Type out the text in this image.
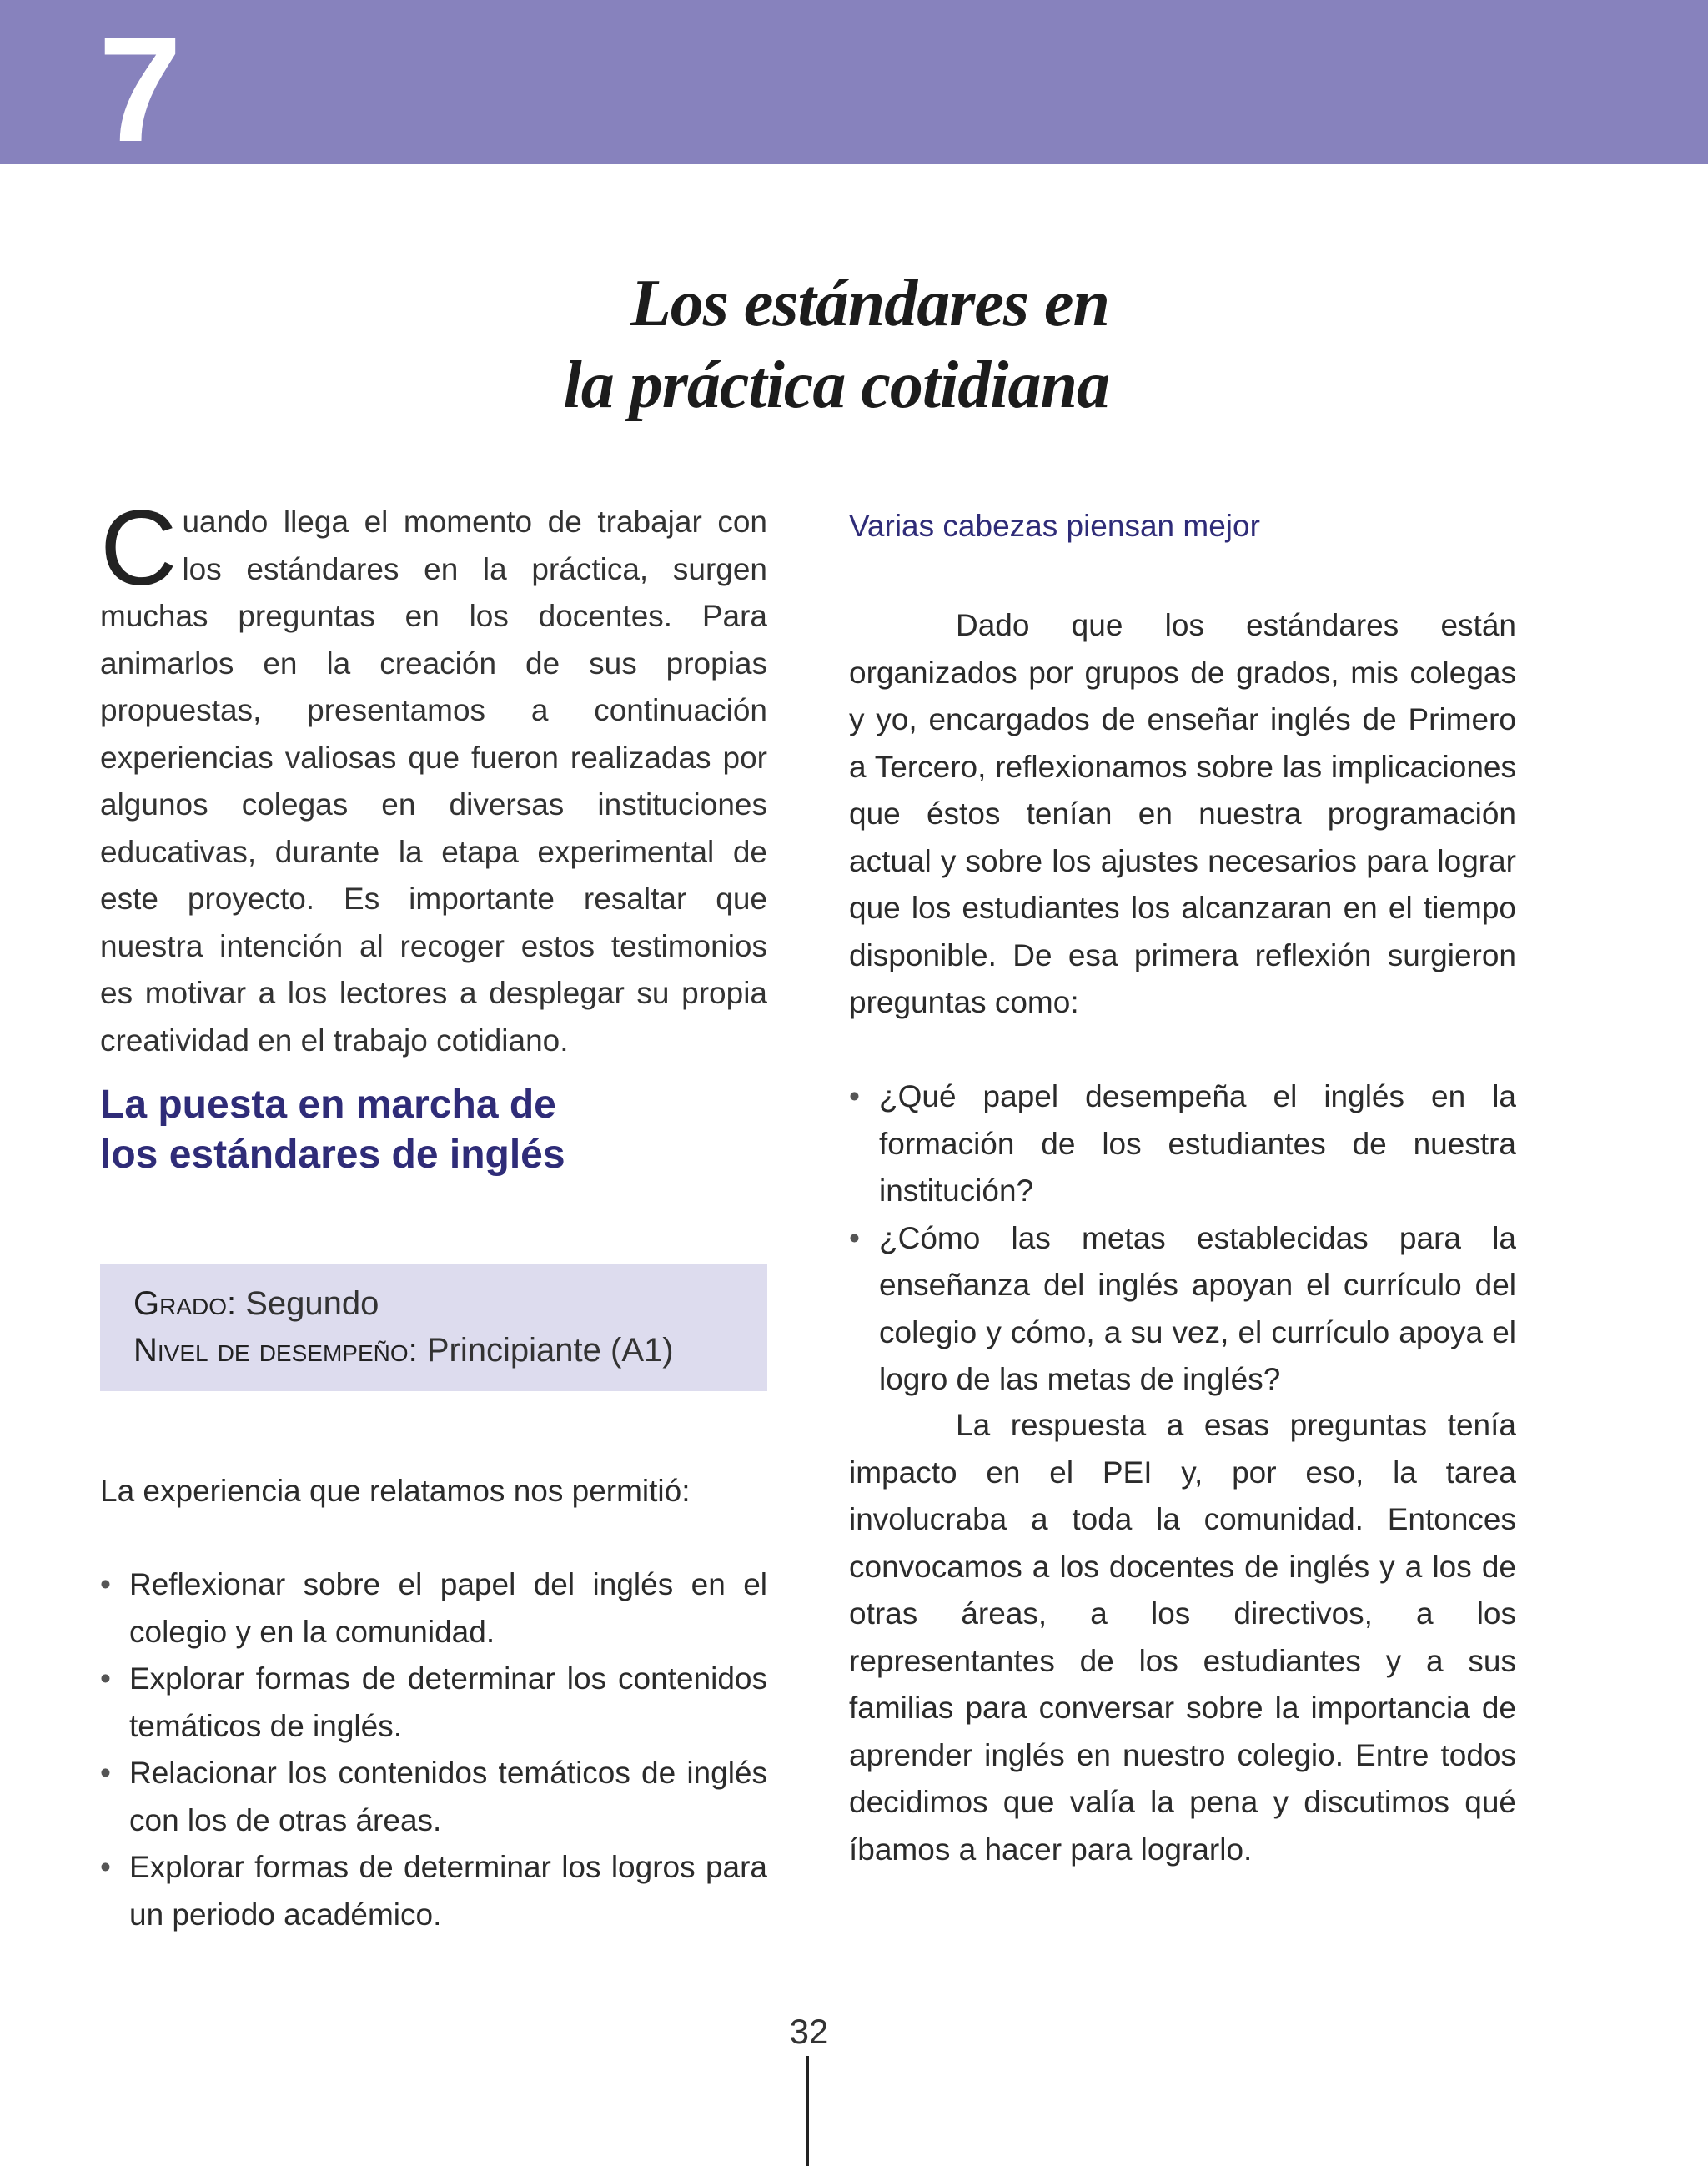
7
Los estándares en
la práctica cotidiana

C uando llega el momento de trabajar con los estándares en la práctica, surgen muchas preguntas en los docentes. Para animarlos en la creación de sus propias propuestas, presentamos a continuación experiencias valiosas que fueron realizadas por algunos colegas en diversas instituciones educativas, durante la etapa experimental de este proyecto. Es importante resaltar que nuestra intención al recoger estos testimonios es motivar a los lectores a desplegar su propia creatividad en el trabajo cotidiano.

La puesta en marcha de
los estándares de inglés
Grado: Segundo
Nivel de desempeño: Principiante (A1)
La experiencia que relatamos nos permitió:
• Reflexionar sobre el papel del inglés en el colegio y en la comunidad.
• Explorar formas de determinar los contenidos temáticos de inglés.
• Relacionar los contenidos temáticos de inglés con los de otras áreas.
• Explorar formas de determinar los logros para un periodo académico.
Varias cabezas piensan mejor

Dado que los estándares están organizados por grupos de grados, mis colegas y yo, encargados de enseñar inglés de Primero a Tercero, reflexionamos sobre las implicaciones que éstos tenían en nuestra programación actual y sobre los ajustes necesarios para lograr que los estudiantes los alcanzaran en el tiempo disponible. De esa primera reflexión surgieron preguntas como:

• ¿Qué papel desempeña el inglés en la formación de los estudiantes de nuestra institución?
• ¿Cómo las metas establecidas para la enseñanza del inglés apoyan el currículo del colegio y cómo, a su vez, el currículo apoya el logro de las metas de inglés?

La respuesta a esas preguntas tenía impacto en el PEI y, por eso, la tarea involucraba a toda la comunidad. Entonces convocamos a los docentes de inglés y a los de otras áreas, a los directivos, a los representantes de los estudiantes y a sus familias para conversar sobre la importancia de aprender inglés en nuestro colegio. Entre todos decidimos que valía la pena y discutimos qué íbamos a hacer para lograrlo.

32
